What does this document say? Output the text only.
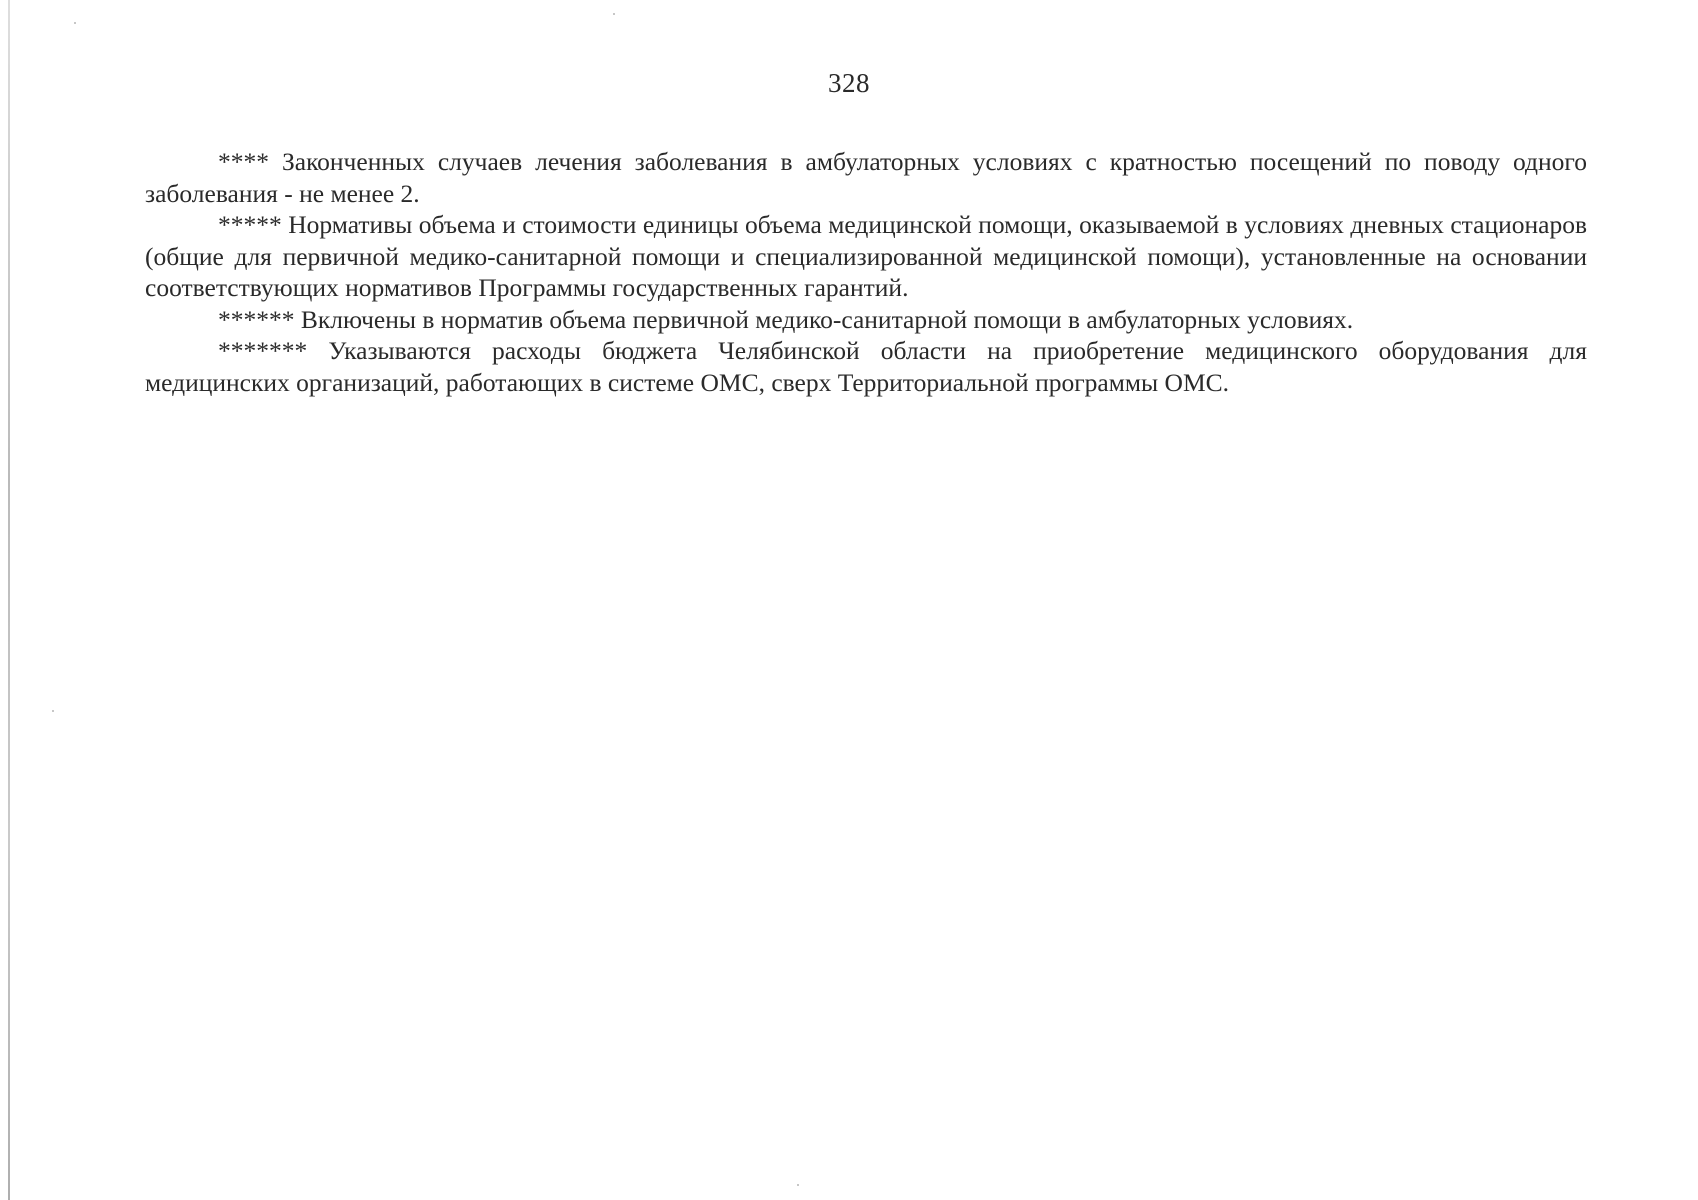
328

**** Законченных случаев лечения заболевания в амбулаторных условиях с кратностью посещений по поводу одного заболевания - не менее 2.

***** Нормативы объема и стоимости единицы объема медицинской помощи, оказываемой в условиях дневных стационаров (общие для первичной медико-санитарной помощи и специализированной медицинской помощи), установленные на основании соответствующих нормативов Программы государственных гарантий.

****** Включены в норматив объема первичной медико-санитарной помощи в амбулаторных условиях.

******* Указываются расходы бюджета Челябинской области на приобретение медицинского оборудования для медицинских организаций, работающих в системе ОМС, сверх Территориальной программы ОМС.
